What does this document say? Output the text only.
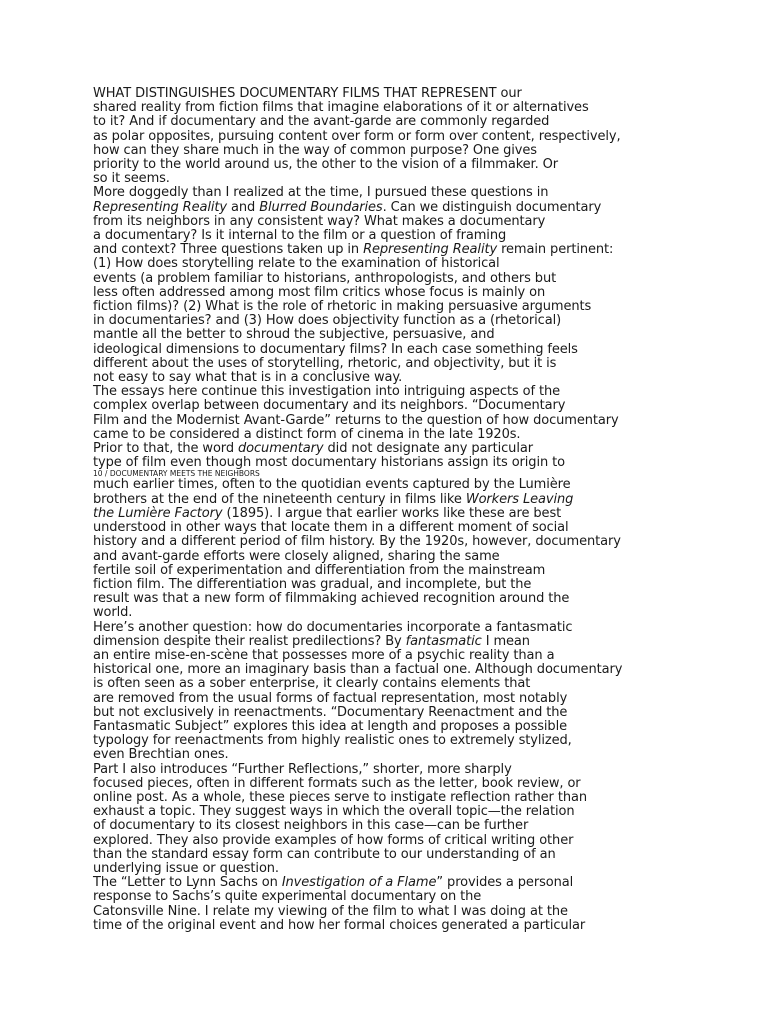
WHAT DISTINGUISHES DOCUMENTARY FILMS THAT REPRESENT our
shared reality from fiction films that imagine elaborations of it or alternatives
to it? And if documentary and the avant-garde are commonly regarded
as polar opposites, pursuing content over form or form over content, respectively,
how can they share much in the way of common purpose? One gives
priority to the world around us, the other to the vision of a filmmaker. Or
so it seems.
More doggedly than I realized at the time, I pursued these questions in
Representing Reality and Blurred Boundaries. Can we distinguish documentary
from its neighbors in any consistent way? What makes a documentary
a documentary? Is it internal to the film or a question of framing
and context? Three questions taken up in Representing Reality remain pertinent:
(1) How does storytelling relate to the examination of historical
events (a problem familiar to historians, anthropologists, and others but
less often addressed among most film critics whose focus is mainly on
fiction films)? (2) What is the role of rhetoric in making persuasive arguments
in documentaries? and (3) How does objectivity function as a (rhetorical)
mantle all the better to shroud the subjective, persuasive, and
ideological dimensions to documentary films? In each case something feels
different about the uses of storytelling, rhetoric, and objectivity, but it is
not easy to say what that is in a conclusive way.
The essays here continue this investigation into intriguing aspects of the
complex overlap between documentary and its neighbors. “Documentary
Film and the Modernist Avant-Garde” returns to the question of how documentary
came to be considered a distinct form of cinema in the late 1920s.
Prior to that, the word documentary did not designate any particular
type of film even though most documentary historians assign its origin to
10 / DOCUMENTARY MEETS THE NEIGHBORS
much earlier times, often to the quotidian events captured by the Lumière
brothers at the end of the nineteenth century in films like Workers Leaving
the Lumière Factory (1895). I argue that earlier works like these are best
understood in other ways that locate them in a different moment of social
history and a different period of film history. By the 1920s, however, documentary
and avant-garde efforts were closely aligned, sharing the same
fertile soil of experimentation and differentiation from the mainstream
fiction film. The differentiation was gradual, and incomplete, but the
result was that a new form of filmmaking achieved recognition around the
world.
Here’s another question: how do documentaries incorporate a fantasmatic
dimension despite their realist predilections? By fantasmatic I mean
an entire mise-en-scène that possesses more of a psychic reality than a
historical one, more an imaginary basis than a factual one. Although documentary
is often seen as a sober enterprise, it clearly contains elements that
are removed from the usual forms of factual representation, most notably
but not exclusively in reenactments. “Documentary Reenactment and the
Fantasmatic Subject” explores this idea at length and proposes a possible
typology for reenactments from highly realistic ones to extremely stylized,
even Brechtian ones.
Part I also introduces “Further Reflections,” shorter, more sharply
focused pieces, often in different formats such as the letter, book review, or
online post. As a whole, these pieces serve to instigate reflection rather than
exhaust a topic. They suggest ways in which the overall topic—the relation
of documentary to its closest neighbors in this case—can be further
explored. They also provide examples of how forms of critical writing other
than the standard essay form can contribute to our understanding of an
underlying issue or question.
The “Letter to Lynn Sachs on Investigation of a Flame” provides a personal
response to Sachs’s quite experimental documentary on the
Catonsville Nine. I relate my viewing of the film to what I was doing at the
time of the original event and how her formal choices generated a particular
